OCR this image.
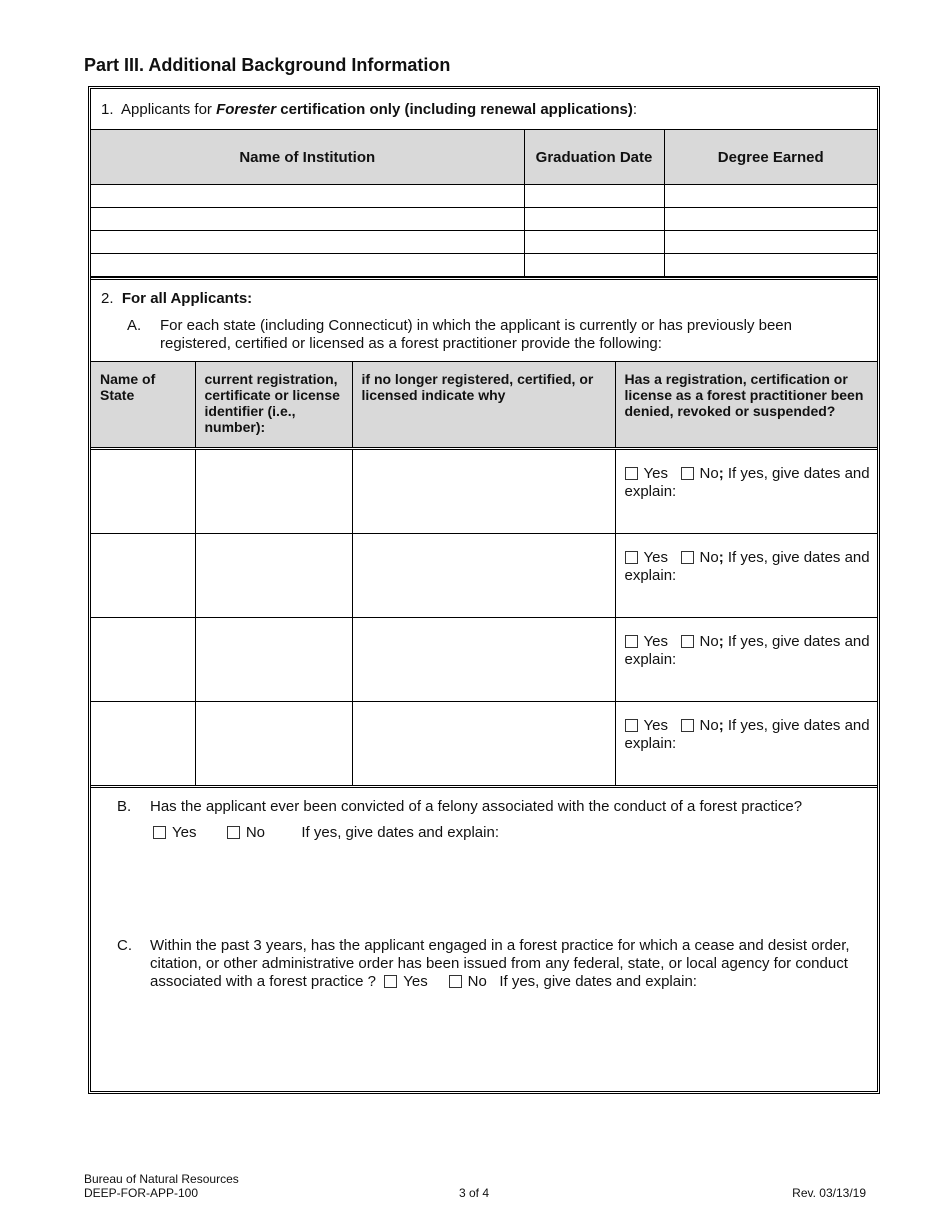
Part III. Additional Background Information
1. Applicants for Forester certification only (including renewal applications):
Name of Institution	Graduation Date	Degree Earned

2. For all Applicants:
A.	For each state (including Connecticut) in which the applicant is currently or has previously been registered, certified or licensed as a forest practitioner provide the following:
Name of State	current registration, certificate or license identifier (i.e., number):	if no longer registered, certified, or licensed indicate why	Has a registration, certification or license as a forest practitioner been denied, revoked or suspended?
			Yes No; If yes, give dates and explain:
			Yes No; If yes, give dates and explain:
			Yes No; If yes, give dates and explain:
			Yes No; If yes, give dates and explain:
B.	Has the applicant ever been convicted of a felony associated with the conduct of a forest practice?
Yes	No If yes, give dates and explain:
C.	Within the past 3 years, has the applicant engaged in a forest practice for which a cease and desist order, citation, or other administrative order has been issued from any federal, state, or local agency for conduct associated with a forest practice ? Yes	No If yes, give dates and explain:
Bureau of Natural Resources
DEEP-FOR-APP-100	3 of 4	Rev. 03/13/19
